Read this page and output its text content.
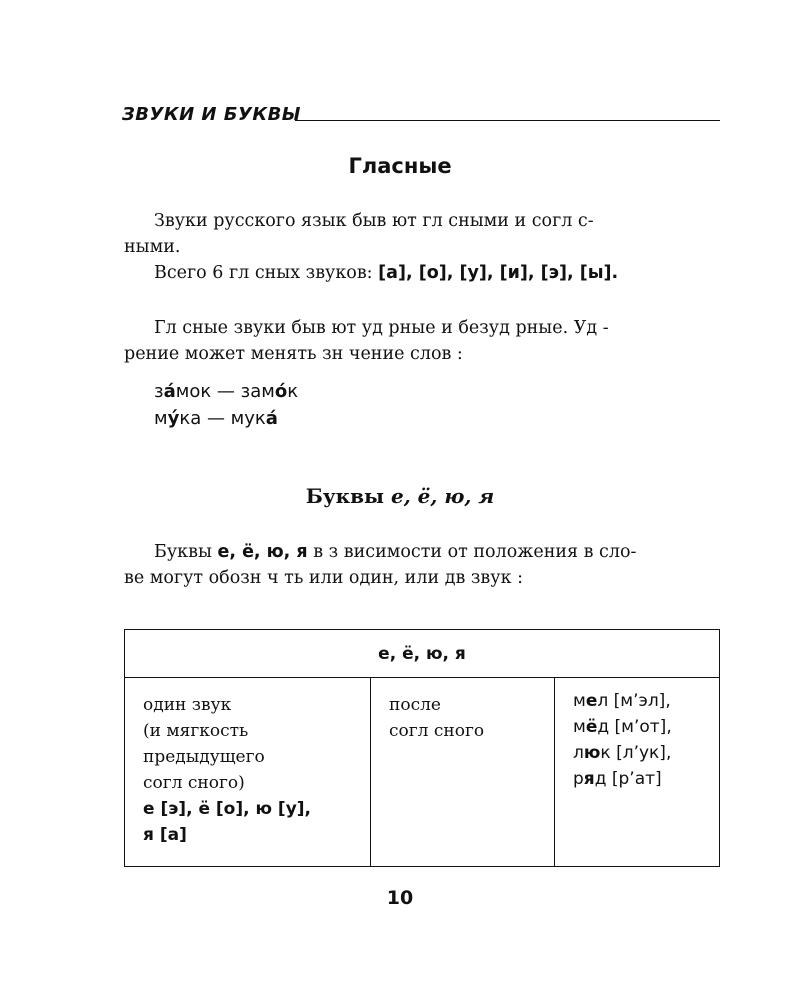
ЗВУКИ И БУКВЫ
Гласные

Звуки русского язык быв ют гл сными и согл с-
ными.

Всего 6 гл сных звуков: [а], [о], [у], [и], [э], [ы].

Гл сные звуки быв ют уд рные и безуд рные. Уд -
рение может менять зн чение слов :

зáмок — замóк
мýка — мукá
Буквы е, ё, ю, я

Буквы е, ё, ю, я в з висимости от положения в сло-
ве могут обозн ч ть или один, или дв звук :

е, ё, ю, я
один звук
(и мягкость
предыдущего
согл сного)
е [э], ё [о], ю [у],
я [а]
после
согл сного
мел [м’эл],
мёд [м’от],
люк [л’ук],
ряд [р’ат]
10
